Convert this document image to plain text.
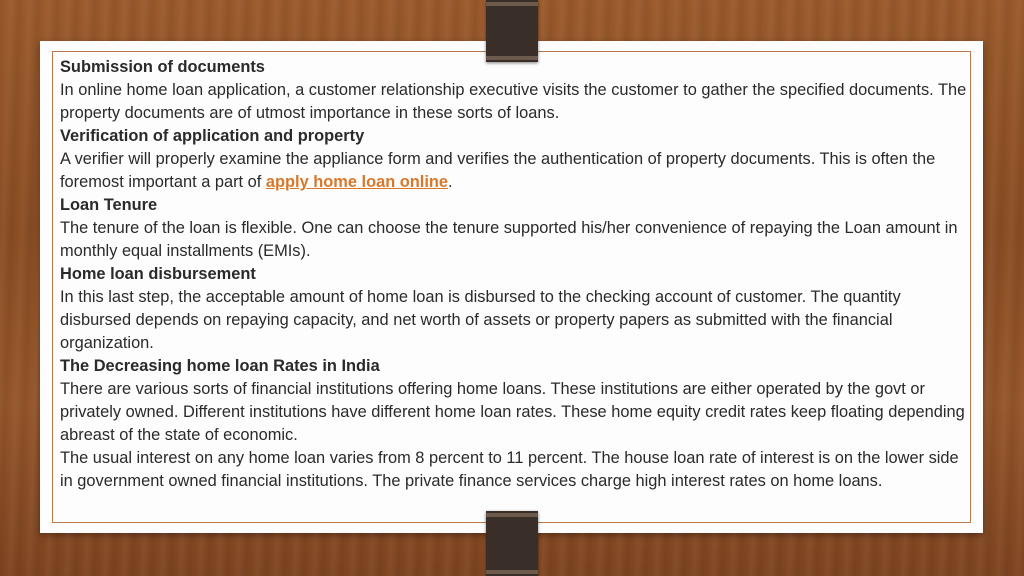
Submission of documents

In online home loan application, a customer relationship executive visits the customer to gather the specified documents. The property documents are of utmost importance in these sorts of loans.

Verification of application and property

A verifier will properly examine the appliance form and verifies the authentication of property documents. This is often the foremost important a part of apply home loan online.

Loan Tenure

The tenure of the loan is flexible. One can choose the tenure supported his/her convenience of repaying the Loan amount in monthly equal installments (EMIs).

Home loan disbursement

In this last step, the acceptable amount of home loan is disbursed to the checking account of customer. The quantity disbursed depends on repaying capacity, and net worth of assets or property papers as submitted with the financial organization.

The Decreasing home loan Rates in India

There are various sorts of financial institutions offering home loans. These institutions are either operated by the govt or privately owned. Different institutions have different home loan rates. These home equity credit rates keep floating depending abreast of the state of economic.

The usual interest on any home loan varies from 8 percent to 11 percent. The house loan rate of interest is on the lower side in government owned financial institutions. The private finance services charge high interest rates on home loans.
